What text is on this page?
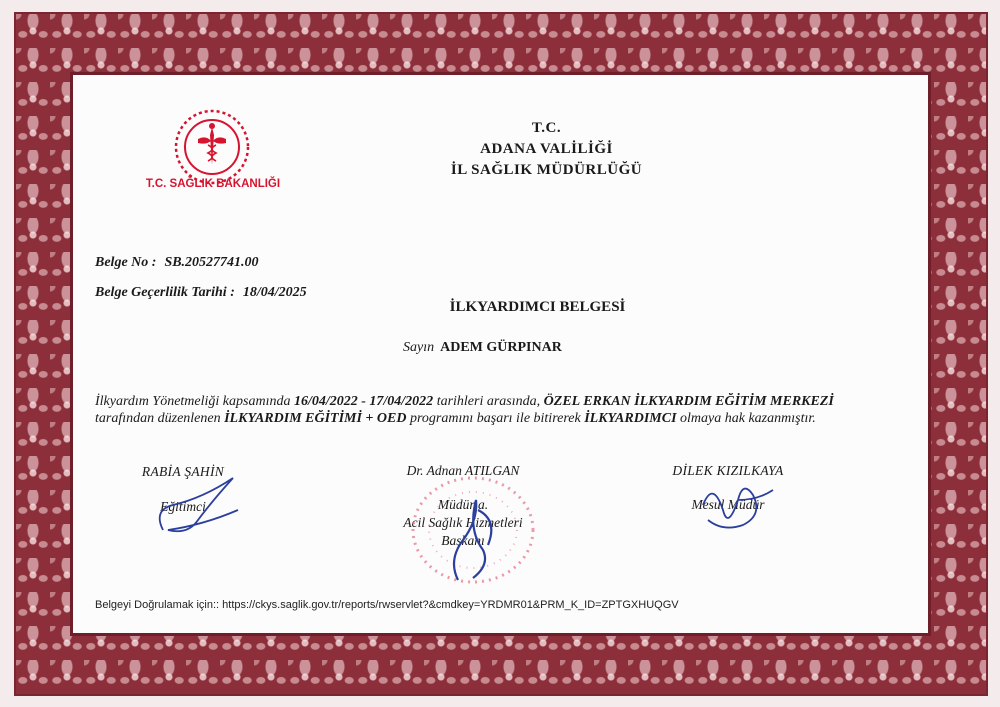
T.C. SAĞLIK BAKANLIĞI
T.C.
ADANA VALİLİĞİ
İL SAĞLIK MÜDÜRLÜĞÜ
Belge No : SB.20527741.00
Belge Geçerlilik Tarihi : 18/04/2025
İLKYARDIMCI BELGESİ
Sayın ADEM GÜRPINAR
İlkyardım Yönetmeliği kapsamında 16/04/2022 - 17/04/2022 tarihleri arasında, ÖZEL ERKAN İLKYARDIM EĞİTİM MERKEZİ tarafından düzenlenen İLKYARDIM EĞİTİMİ + OED programını başarı ile bitirerek İLKYARDIMCI olmaya hak kazanmıştır.
RABİA ŞAHİN
Eğitimci
Dr. Adnan ATILGAN
Müdür a.
Acil Sağlık Hizmetleri
Başkanı
DİLEK KIZILKAYA
Mesul Müdür
Belgeyi Doğrulamak için:: https://ckys.saglik.gov.tr/reports/rwservlet?&cmdkey=YRDMR01&PRM_K_ID=ZPTGXHUQGV
